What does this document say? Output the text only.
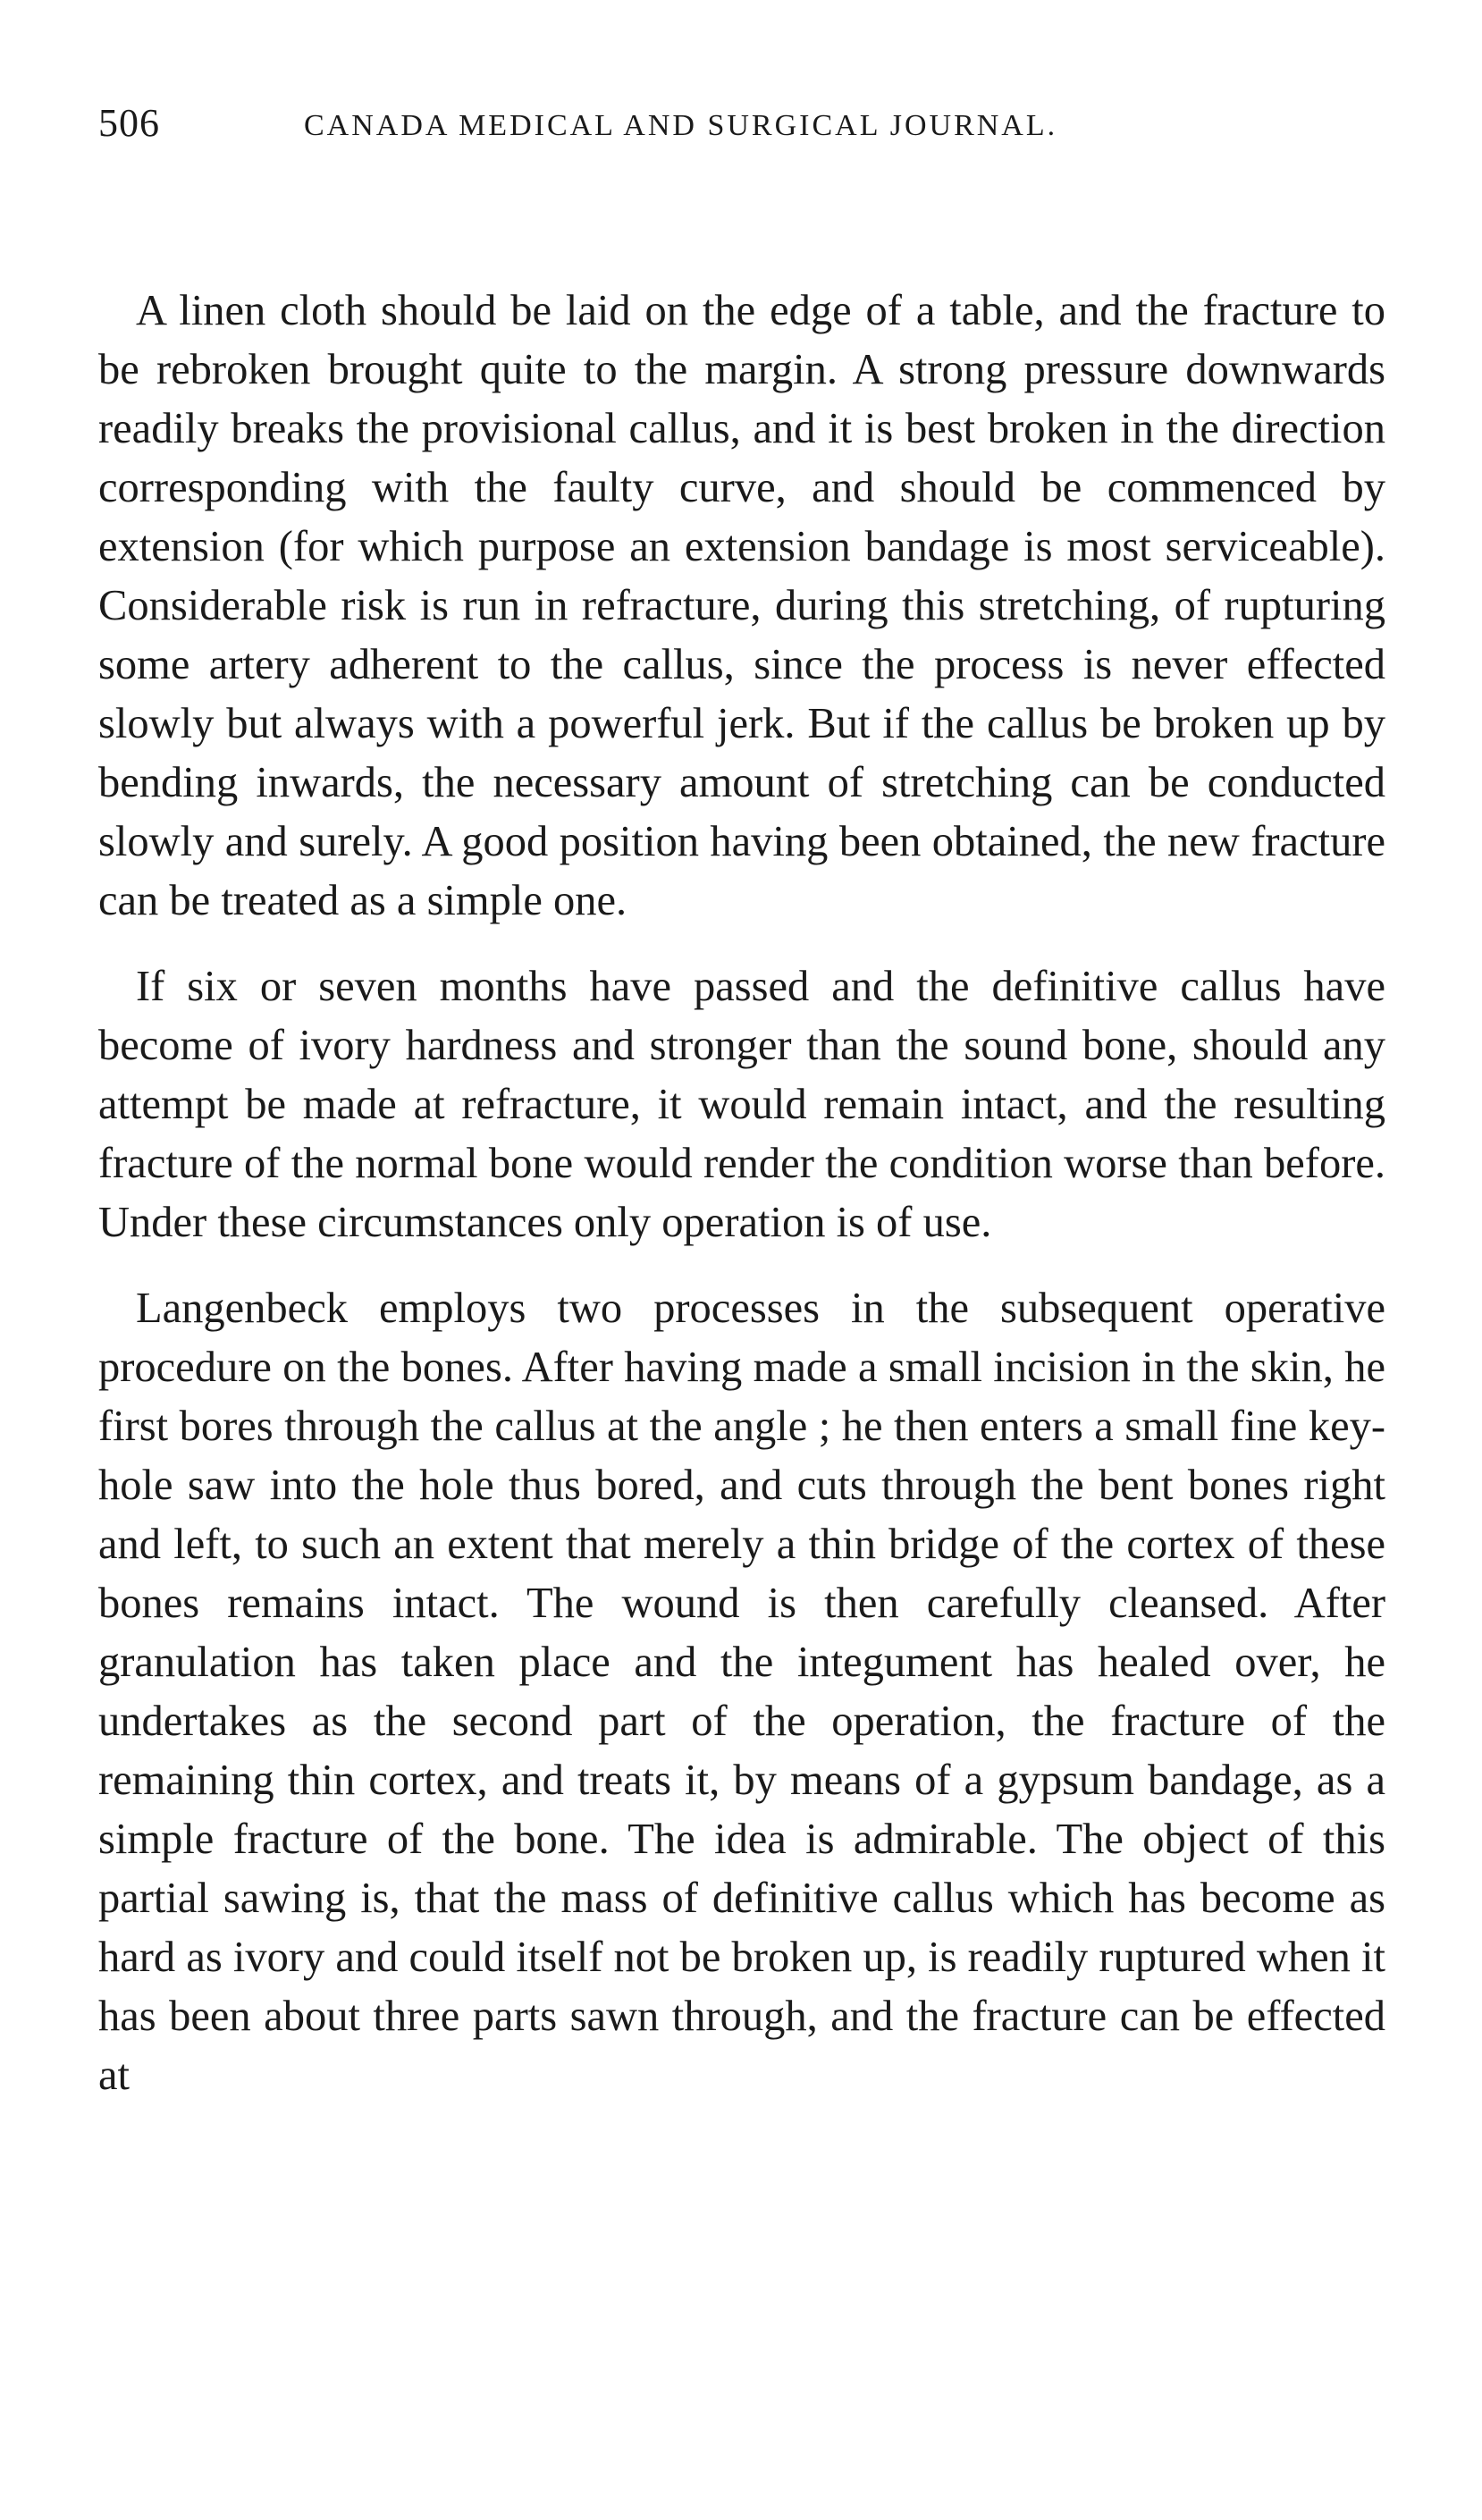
506	CANADA MEDICAL AND SURGICAL JOURNAL.

A linen cloth should be laid on the edge of a table, and the fracture to be rebroken brought quite to the margin. A strong pressure downwards readily breaks the provisional callus, and it is best broken in the direction corresponding with the faulty curve, and should be commenced by extension (for which purpose an extension bandage is most serviceable). Considerable risk is run in refracture, during this stretching, of rupturing some artery adherent to the callus, since the process is never effected slowly but always with a powerful jerk. But if the callus be broken up by bending inwards, the necessary amount of stretching can be conducted slowly and surely. A good position having been obtained, the new fracture can be treated as a simple one.

If six or seven months have passed and the definitive callus have become of ivory hardness and stronger than the sound bone, should any attempt be made at refracture, it would remain intact, and the resulting fracture of the normal bone would render the condition worse than before. Under these circumstances only operation is of use.

Langenbeck employs two processes in the subsequent operative procedure on the bones. After having made a small incision in the skin, he first bores through the callus at the angle ; he then enters a small fine key-hole saw into the hole thus bored, and cuts through the bent bones right and left, to such an extent that merely a thin bridge of the cortex of these bones remains intact. The wound is then carefully cleansed. After granulation has taken place and the integument has healed over, he undertakes as the second part of the operation, the fracture of the remaining thin cortex, and treats it, by means of a gypsum bandage, as a simple fracture of the bone. The idea is admirable. The object of this partial sawing is, that the mass of definitive callus which has become as hard as ivory and could itself not be broken up, is readily ruptured when it has been about three parts sawn through, and the fracture can be effected at
